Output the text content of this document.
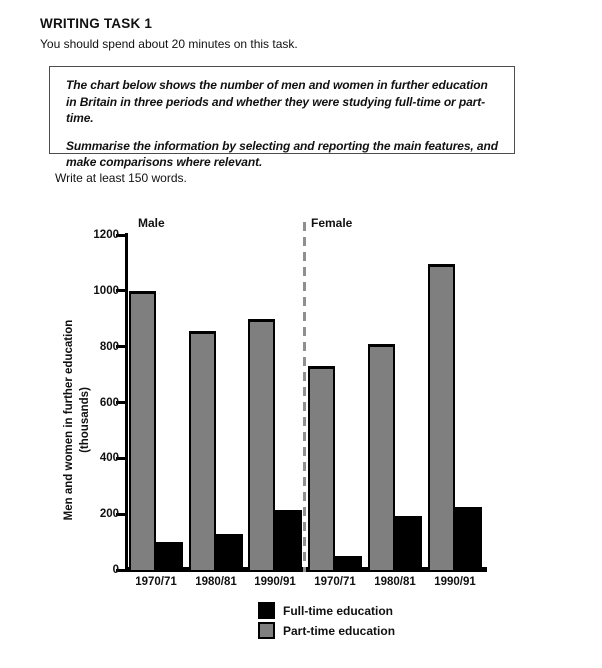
WRITING TASK 1

You should spend about 20 minutes on this task.

The chart below shows the number of men and women in further education in Britain in three periods and whether they were studying full-time or part-time.

Summarise the information by selecting and reporting the main features, and make comparisons where relevant.

Write at least 150 words.

Men and women in further education (thousands)
1200
1000
800
600
400
200
0
Male	Female
1970/71	1980/81	1990/91	1970/71	1980/81	1990/91
Full-time education
Part-time education
